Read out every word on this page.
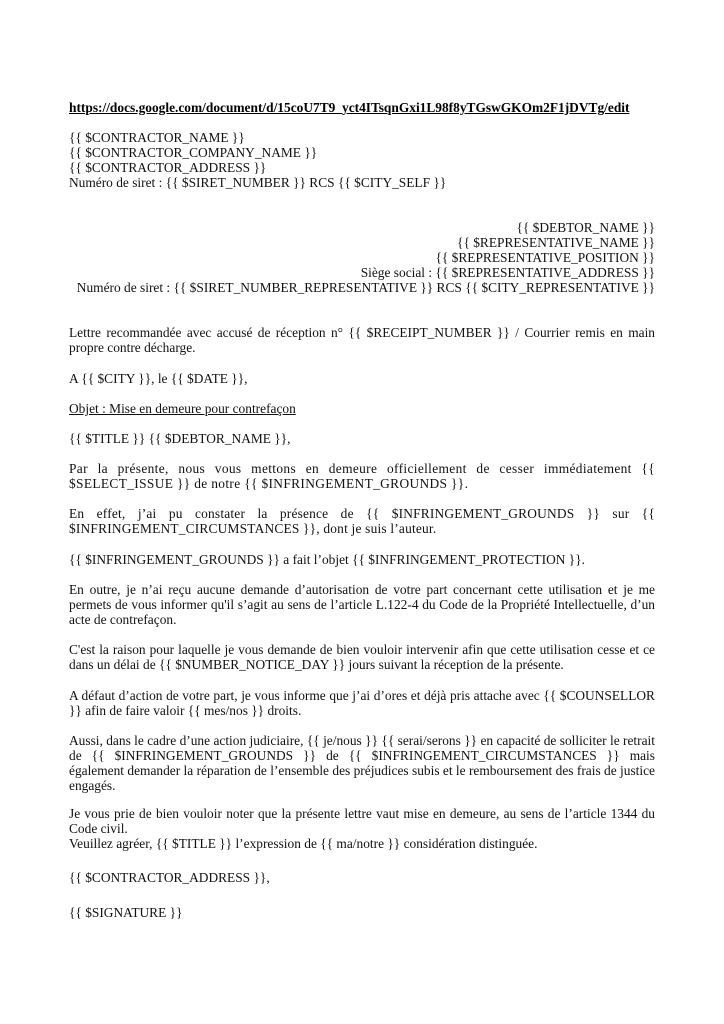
https://docs.google.com/document/d/15coU7T9_yct4ITsqnGxi1L98f8yTGswGKOm2F1jDVTg/edit
{{ $CONTRACTOR_NAME }}
{{ $CONTRACTOR_COMPANY_NAME }}
{{ $CONTRACTOR_ADDRESS }}
Numéro de siret : {{ $SIRET_NUMBER }} RCS {{ $CITY_SELF }}
{{ $DEBTOR_NAME }}
{{ $REPRESENTATIVE_NAME }}
{{ $REPRESENTATIVE_POSITION }}
Siège social : {{ $REPRESENTATIVE_ADDRESS }}
Numéro de siret : {{ $SIRET_NUMBER_REPRESENTATIVE }} RCS {{ $CITY_REPRESENTATIVE }}
Lettre recommandée avec accusé de réception n° {{ $RECEIPT_NUMBER }} / Courrier remis en main propre contre décharge.
A {{ $CITY }}, le {{ $DATE }},
Objet : Mise en demeure pour contrefaçon
{{ $TITLE }} {{ $DEBTOR_NAME }},
Par la présente, nous vous mettons en demeure officiellement de cesser immédiatement {{ $SELECT_ISSUE }} de notre {{ $INFRINGEMENT_GROUNDS }}.
En effet, j’ai pu constater la présence de {{ $INFRINGEMENT_GROUNDS }} sur {{ $INFRINGEMENT_CIRCUMSTANCES }}, dont je suis l’auteur.
{{ $INFRINGEMENT_GROUNDS }} a fait l’objet {{ $INFRINGEMENT_PROTECTION }}.
En outre, je n’ai reçu aucune demande d’autorisation de votre part concernant cette utilisation et je me permets de vous informer qu'il s’agit au sens de l’article L.122-4 du Code de la Propriété Intellectuelle, d’un acte de contrefaçon.
C'est la raison pour laquelle je vous demande de bien vouloir intervenir afin que cette utilisation cesse et ce dans un délai de {{ $NUMBER_NOTICE_DAY }} jours suivant la réception de la présente.
A défaut d’action de votre part, je vous informe que j’ai d’ores et déjà pris attache avec {{ $COUNSELLOR }} afin de faire valoir {{ mes/nos }} droits.
Aussi, dans le cadre d’une action judiciaire, {{ je/nous }} {{ serai/serons }} en capacité de solliciter le retrait de {{ $INFRINGEMENT_GROUNDS }} de {{ $INFRINGEMENT_CIRCUMSTANCES }} mais également demander la réparation de l’ensemble des préjudices subis et le remboursement des frais de justice engagés.
Je vous prie de bien vouloir noter que la présente lettre vaut mise en demeure, au sens de l’article 1344 du Code civil.
Veuillez agréer, {{ $TITLE }} l’expression de {{ ma/notre }} considération distinguée.
{{ $CONTRACTOR_ADDRESS }},
{{ $SIGNATURE }}
